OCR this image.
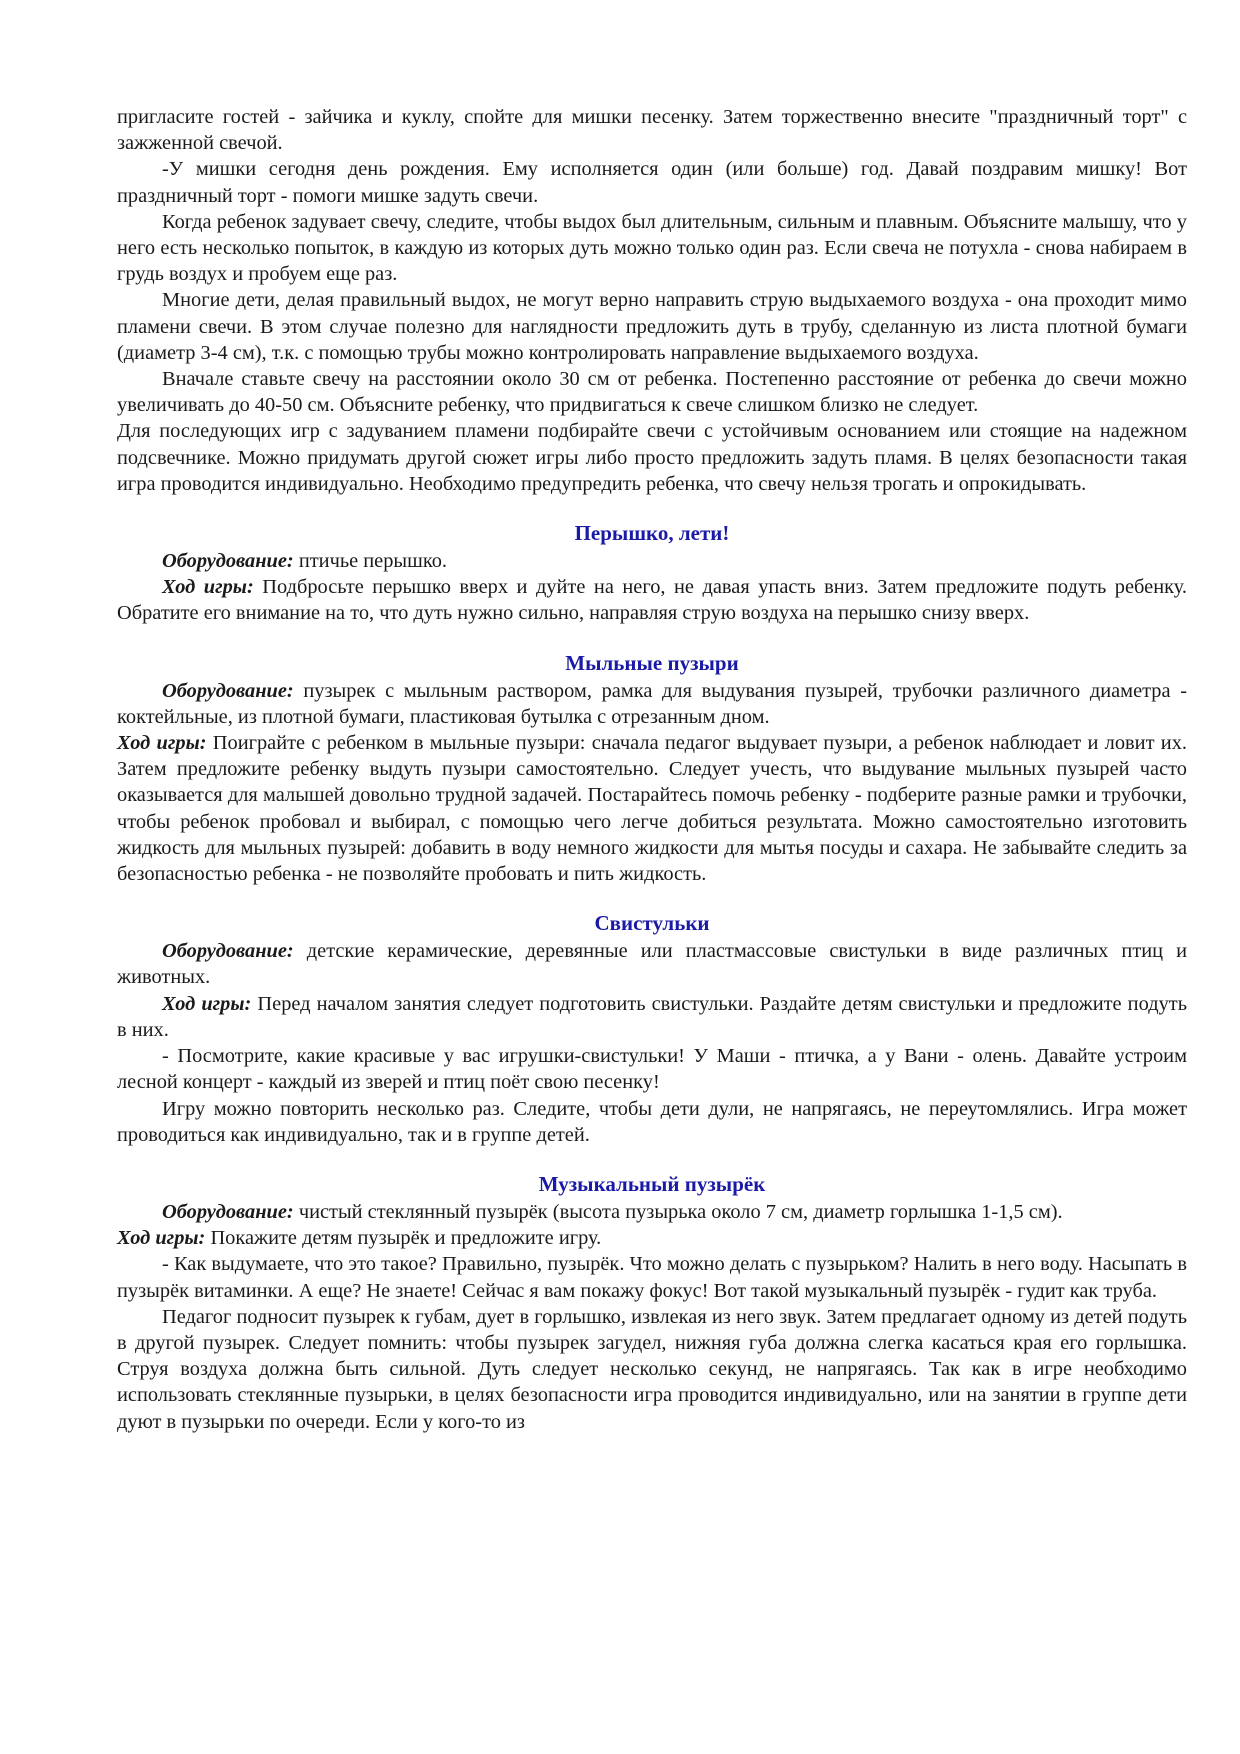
пригласите гостей - зайчика и куклу, спойте для мишки песенку. Затем торжественно внесите "праздничный торт" с зажженной свечой.

-У мишки сегодня день рождения. Ему исполняется один (или больше) год. Давай поздравим мишку! Вот праздничный торт - помоги мишке задуть свечи.

Когда ребенок задувает свечу, следите, чтобы выдох был длительным, сильным и плавным. Объясните малышу, что у него есть несколько попыток, в каждую из которых дуть можно только один раз. Если свеча не потухла - снова набираем в грудь воздух и пробуем еще раз.

Многие дети, делая правильный выдох, не могут верно направить струю выдыхаемого воздуха - она проходит мимо пламени свечи. В этом случае полезно для наглядности предложить дуть в трубу, сделанную из листа плотной бумаги (диаметр 3-4 см), т.к. с помощью трубы можно контролировать направление выдыхаемого воздуха.

Вначале ставьте свечу на расстоянии около 30 см от ребенка. Постепенно расстояние от ребенка до свечи можно увеличивать до 40-50 см. Объясните ребенку, что придвигаться к свече слишком близко не следует.

Для последующих игр с задуванием пламени подбирайте свечи с устойчивым основанием или стоящие на надежном подсвечнике. Можно придумать другой сюжет игры либо просто предложить задуть пламя. В целях безопасности такая игра проводится индивидуально. Необходимо предупредить ребенка, что свечу нельзя трогать и опрокидывать.

Перышко, лети!

Оборудование: птичье перышко.

Ход игры: Подбросьте перышко вверх и дуйте на него, не давая упасть вниз. Затем предложите подуть ребенку. Обратите его внимание на то, что дуть нужно сильно, направляя струю воздуха на перышко снизу вверх.

Мыльные пузыри

Оборудование: пузырек с мыльным раствором, рамка для выдувания пузырей, трубочки различного диаметра - коктейльные, из плотной бумаги, пластиковая бутылка с отрезанным дном.

Ход игры: Поиграйте с ребенком в мыльные пузыри: сначала педагог выдувает пузыри, а ребенок наблюдает и ловит их. Затем предложите ребенку выдуть пузыри самостоятельно. Следует учесть, что выдувание мыльных пузырей часто оказывается для малышей довольно трудной задачей. Постарайтесь помочь ребенку - подберите разные рамки и трубочки, чтобы ребенок пробовал и выбирал, с помощью чего легче добиться результата. Можно самостоятельно изготовить жидкость для мыльных пузырей: добавить в воду немного жидкости для мытья посуды и сахара. Не забывайте следить за безопасностью ребенка - не позволяйте пробовать и пить жидкость.

Свистульки

Оборудование: детские керамические, деревянные или пластмассовые свистульки в виде различных птиц и животных.

Ход игры: Перед началом занятия следует подготовить свистульки. Раздайте детям свистульки и предложите подуть в них.

- Посмотрите, какие красивые у вас игрушки-свистульки! У Маши - птичка, а у Вани - олень. Давайте устроим лесной концерт - каждый из зверей и птиц поёт свою песенку!

Игру можно повторить несколько раз. Следите, чтобы дети дули, не напрягаясь, не переутомлялись. Игра может проводиться как индивидуально, так и в группе детей.

Музыкальный пузырёк

Оборудование: чистый стеклянный пузырёк (высота пузырька около 7 см, диаметр горлышка 1-1,5 см).

Ход игры: Покажите детям пузырёк и предложите игру.

- Как выдумаете, что это такое? Правильно, пузырёк. Что можно делать с пузырьком? Налить в него воду. Насыпать в пузырёк витаминки. А еще? Не знаете! Сейчас я вам покажу фокус! Вот такой музыкальный пузырёк - гудит как труба.

Педагог подносит пузырек к губам, дует в горлышко, извлекая из него звук. Затем предлагает одному из детей подуть в другой пузырек. Следует помнить: чтобы пузырек загудел, нижняя губа должна слегка касаться края его горлышка. Струя воздуха должна быть сильной. Дуть следует несколько секунд, не напрягаясь. Так как в игре необходимо использовать стеклянные пузырьки, в целях безопасности игра проводится индивидуально, или на занятии в группе дети дуют в пузырьки по очереди. Если у кого-то из
